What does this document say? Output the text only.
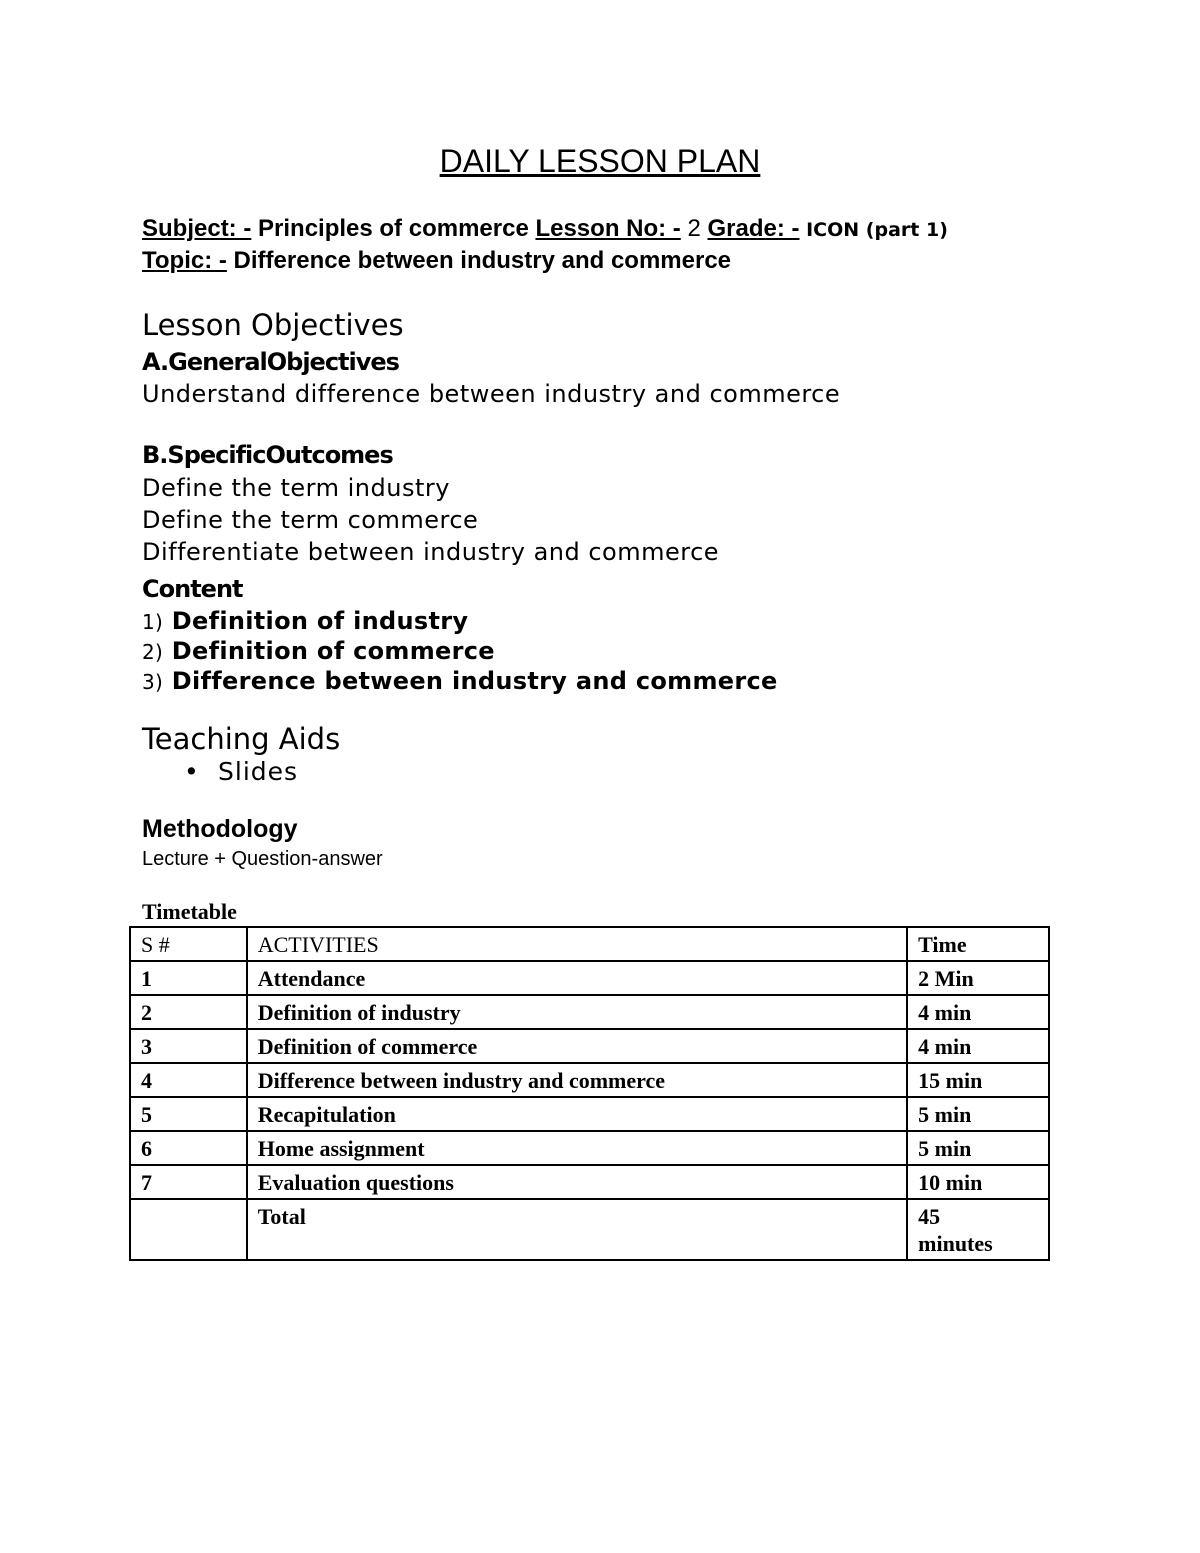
DAILY LESSON PLAN
Subject: - Principles of commerce Lesson No: - 2 Grade: - ICON (part 1)
Topic: - Difference between industry and commerce
Lesson Objectives
A.GeneralObjectives
Understand difference between industry and commerce
B.SpecificOutcomes
Define the term industry
Define the term commerce
Differentiate between industry and commerce
Content
1) Definition of industry
2) Definition of commerce
3) Difference between industry and commerce
Teaching Aids
• Slides
Methodology
Lecture + Question-answer
Timetable
S #	ACTIVITIES	Time
1	Attendance	2 Min
2	Definition of industry	4 min
3	Definition of commerce	4 min
4	Difference between industry and commerce	15 min
5	Recapitulation	5 min
6	Home assignment	5 min
7	Evaluation questions	10 min
	Total	45
minutes
